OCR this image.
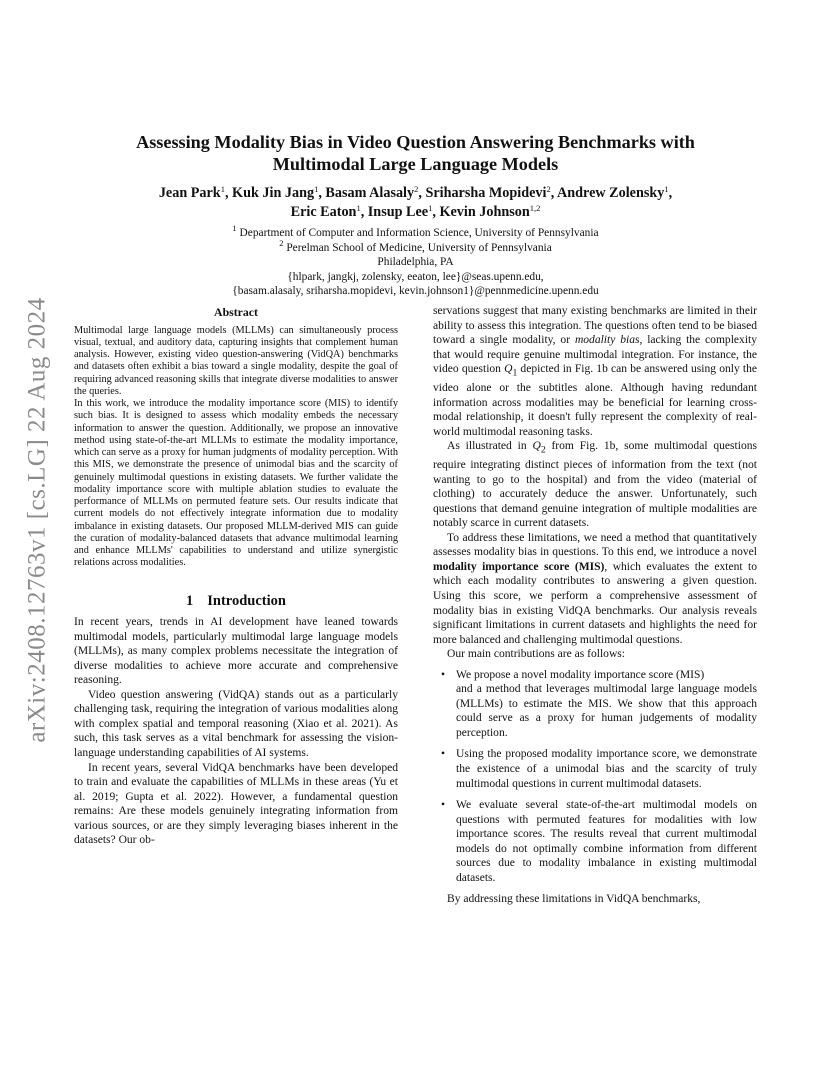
arXiv:2408.12763v1 [cs.LG] 22 Aug 2024
Assessing Modality Bias in Video Question Answering Benchmarks with
Multimodal Large Language Models
Jean Park$^1$, Kuk Jin Jang$^1$, Basam Alasaly$^2$, Sriharsha Mopidevi$^2$, Andrew Zolensky$^1$,
Eric Eaton$^1$, Insup Lee$^1$, Kevin Johnson$^{1,2}$
$^1$ Department of Computer and Information Science, University of Pennsylvania
$^2$ Perelman School of Medicine, University of Pennsylvania
Philadelphia, PA
{hlpark, jangkj, zolensky, eeaton, lee}@seas.upenn.edu,
{basam.alasaly, sriharsha.mopidevi, kevin.johnson1}@pennmedicine.upenn.edu
Abstract

Multimodal large language models (MLLMs) can simultaneously process visual, textual, and auditory data, capturing insights that complement human analysis. However, existing video question-answering (VidQA) benchmarks and datasets often exhibit a bias toward a single modality, despite the goal of requiring advanced reasoning skills that integrate diverse modalities to answer the queries.

In this work, we introduce the modality importance score (MIS) to identify such bias. It is designed to assess which modality embeds the necessary information to answer the question. Additionally, we propose an innovative method using state-of-the-art MLLMs to estimate the modality importance, which can serve as a proxy for human judgments of modality perception. With this MIS, we demonstrate the presence of unimodal bias and the scarcity of genuinely multimodal questions in existing datasets. We further validate the modality importance score with multiple ablation studies to evaluate the performance of MLLMs on permuted feature sets. Our results indicate that current models do not effectively integrate information due to modality imbalance in existing datasets. Our proposed MLLM-derived MIS can guide the curation of modality-balanced datasets that advance multimodal learning and enhance MLLMs' capabilities to understand and utilize synergistic relations across modalities.

1 Introduction

In recent years, trends in AI development have leaned towards multimodal models, particularly multimodal large language models (MLLMs), as many complex problems necessitate the integration of diverse modalities to achieve more accurate and comprehensive reasoning.

Video question answering (VidQA) stands out as a particularly challenging task, requiring the integration of various modalities along with complex spatial and temporal reasoning (Xiao et al. 2021). As such, this task serves as a vital benchmark for assessing the vision-language understanding capabilities of AI systems.

In recent years, several VidQA benchmarks have been developed to train and evaluate the capabilities of MLLMs in these areas (Yu et al. 2019; Gupta et al. 2022). However, a fundamental question remains: Are these models genuinely integrating information from various sources, or are they simply leveraging biases inherent in the datasets? Our ob-

servations suggest that many existing benchmarks are limited in their ability to assess this integration. The questions often tend to be biased toward a single modality, or modality bias, lacking the complexity that would require genuine multimodal integration. For instance, the video question $Q_1$ depicted in Fig. 1b can be answered using only the video alone or the subtitles alone. Although having redundant information across modalities may be beneficial for learning cross-modal relationship, it doesn't fully represent the complexity of real-world multimodal reasoning tasks.

As illustrated in $Q_2$ from Fig. 1b, some multimodal questions require integrating distinct pieces of information from the text (not wanting to go to the hospital) and from the video (material of clothing) to accurately deduce the answer. Unfortunately, such questions that demand genuine integration of multiple modalities are notably scarce in current datasets.

To address these limitations, we need a method that quantitatively assesses modality bias in questions. To this end, we introduce a novel modality importance score (MIS), which evaluates the extent to which each modality contributes to answering a given question. Using this score, we perform a comprehensive assessment of modality bias in existing VidQA benchmarks. Our analysis reveals significant limitations in current datasets and highlights the need for more balanced and challenging multimodal questions.

Our main contributions are as follows:

• We propose a novel modality importance score (MIS)
and a method that leverages multimodal large language models (MLLMs) to estimate the MIS. We show that this approach could serve as a proxy for human judgements of modality perception.
• Using the proposed modality importance score, we demonstrate the existence of a unimodal bias and the scarcity of truly multimodal questions in current multimodal datasets.
• We evaluate several state-of-the-art multimodal models on questions with permuted features for modalities with low importance scores. The results reveal that current multimodal models do not optimally combine information from different sources due to modality imbalance in existing multimodal datasets.

By addressing these limitations in VidQA benchmarks,
